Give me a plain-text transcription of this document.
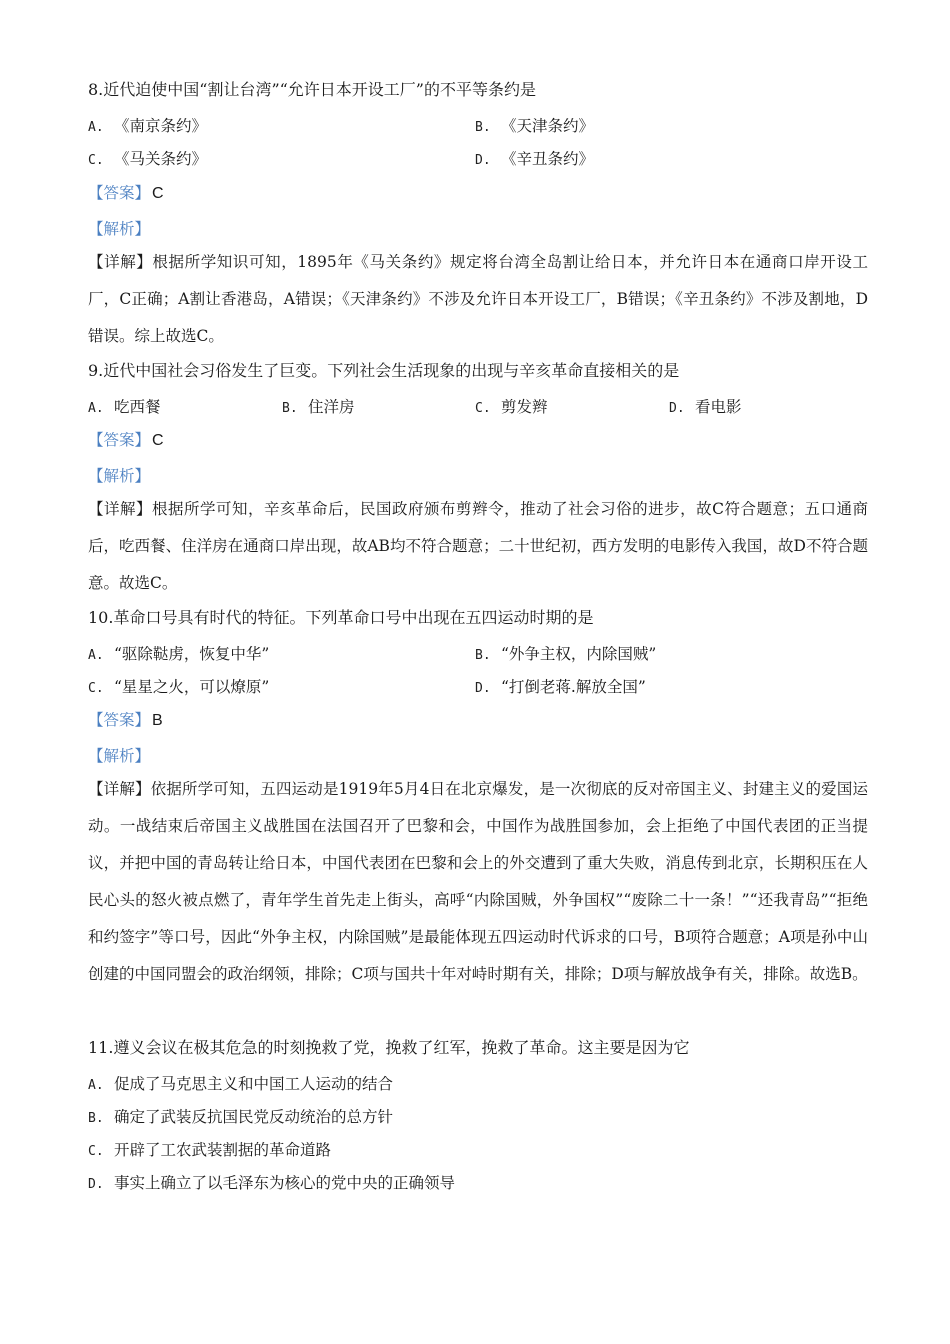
8.近代迫使中国“割让台湾”“允许日本开设工厂”的不平等条约是
A. 《南京条约》	B. 《天津条约》
C. 《马关条约》	D. 《辛丑条约》
【答案】 C
【解析】
【详解】根据所学知识可知，1895年《马关条约》规定将台湾全岛割让给日本，并允许日本在通商口岸开设工厂，C正确；A割让香港岛，A错误；《天津条约》不涉及允许日本开设工厂，B错误；《辛丑条约》不涉及割地，D错误。综上故选C。
9.近代中国社会习俗发生了巨变。下列社会生活现象的出现与辛亥革命直接相关的是
A. 吃西餐	B. 住洋房	C. 剪发辫	D. 看电影
【答案】 C
【解析】
【详解】根据所学可知，辛亥革命后，民国政府颁布剪辫令，推动了社会习俗的进步，故C符合题意；五口通商后，吃西餐、住洋房在通商口岸出现，故AB均不符合题意；二十世纪初，西方发明的电影传入我国，故D不符合题意。故选C。
10.革命口号具有时代的特征。下列革命口号中出现在五四运动时期的是
A. “驱除鞑虏，恢复中华”	B. “外争主权，内除国贼”
C. “星星之火，可以燎原”	D. “打倒老蒋.解放全国”
【答案】 B
【解析】
【详解】依据所学可知，五四运动是1919年5月4日在北京爆发，是一次彻底的反对帝国主义、封建主义的爱国运动。一战结束后帝国主义战胜国在法国召开了巴黎和会，中国作为战胜国参加，会上拒绝了中国代表团的正当提议，并把中国的青岛转让给日本，中国代表团在巴黎和会上的外交遭到了重大失败，消息传到北京，长期积压在人民心头的怒火被点燃了，青年学生首先走上街头，高呼“内除国贼，外争国权”“废除二十一条！”“还我青岛”“拒绝和约签字”等口号，因此“外争主权，内除国贼”是最能体现五四运动时代诉求的口号，B项符合题意；A项是孙中山创建的中国同盟会的政治纲领，排除；C项与国共十年对峙时期有关，排除；D项与解放战争有关，排除。故选B。
11.遵义会议在极其危急的时刻挽救了党，挽救了红军，挽救了革命。这主要是因为它
A. 促成了马克思主义和中国工人运动的结合
B. 确定了武装反抗国民党反动统治的总方针
C. 开辟了工农武装割据的革命道路
D. 事实上确立了以毛泽东为核心的党中央的正确领导
